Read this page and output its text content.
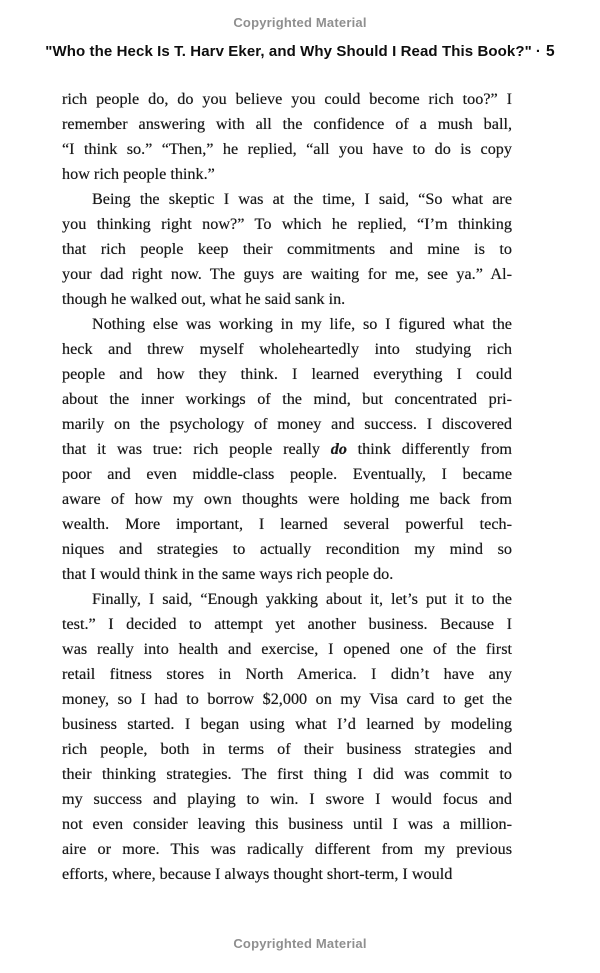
Copyrighted Material
"Who the Heck Is T. Harv Eker, and Why Should I Read This Book?" · 5
rich people do, do you believe you could become rich too?” I
remember answering with all the confidence of a mush ball,
“I think so.” “Then,” he replied, “all you have to do is copy
how rich people think.”
Being the skeptic I was at the time, I said, “So what are
you thinking right now?” To which he replied, “I’m thinking
that rich people keep their commitments and mine is to
your dad right now. The guys are waiting for me, see ya.” Al-
though he walked out, what he said sank in.
Nothing else was working in my life, so I figured what the
heck and threw myself wholeheartedly into studying rich
people and how they think. I learned everything I could
about the inner workings of the mind, but concentrated pri-
marily on the psychology of money and success. I discovered
that it was true: rich people really do think differently from
poor and even middle-class people. Eventually, I became
aware of how my own thoughts were holding me back from
wealth. More important, I learned several powerful tech-
niques and strategies to actually recondition my mind so
that I would think in the same ways rich people do.
Finally, I said, “Enough yakking about it, let’s put it to the
test.” I decided to attempt yet another business. Because I
was really into health and exercise, I opened one of the first
retail fitness stores in North America. I didn’t have any
money, so I had to borrow $2,000 on my Visa card to get the
business started. I began using what I’d learned by modeling
rich people, both in terms of their business strategies and
their thinking strategies. The first thing I did was commit to
my success and playing to win. I swore I would focus and
not even consider leaving this business until I was a million-
aire or more. This was radically different from my previous
efforts, where, because I always thought short-term, I would
Copyrighted Material
